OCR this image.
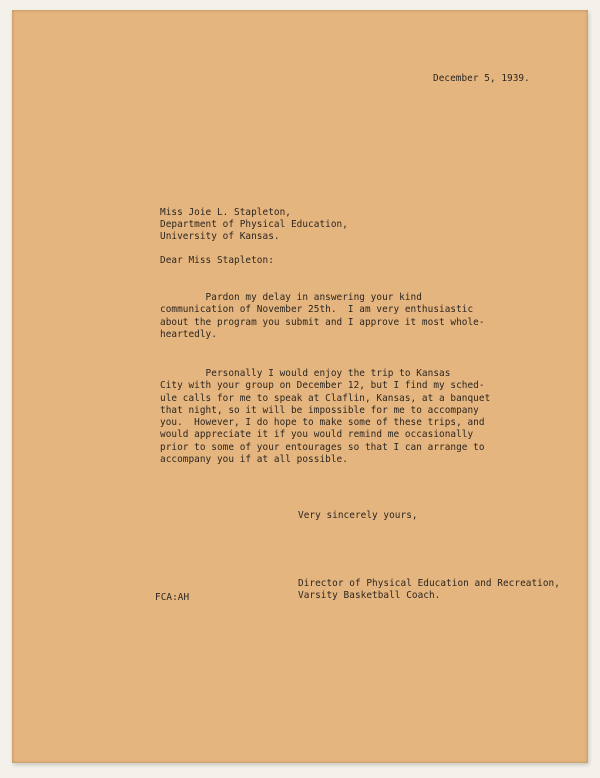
December 5, 1939.
Miss Joie L. Stapleton,
Department of Physical Education,
University of Kansas.
Dear Miss Stapleton:
Pardon my delay in answering your kind
communication of November 25th.  I am very enthusiastic
about the program you submit and I approve it most whole-
heartedly.
Personally I would enjoy the trip to Kansas
City with your group on December 12, but I find my sched-
ule calls for me to speak at Claflin, Kansas, at a banquet
that night, so it will be impossible for me to accompany
you.  However, I do hope to make some of these trips, and
would appreciate it if you would remind me occasionally
prior to some of your entourages so that I can arrange to
accompany you if at all possible.
Very sincerely yours,
FCA:AH
Director of Physical Education and Recreation,
Varsity Basketball Coach.
